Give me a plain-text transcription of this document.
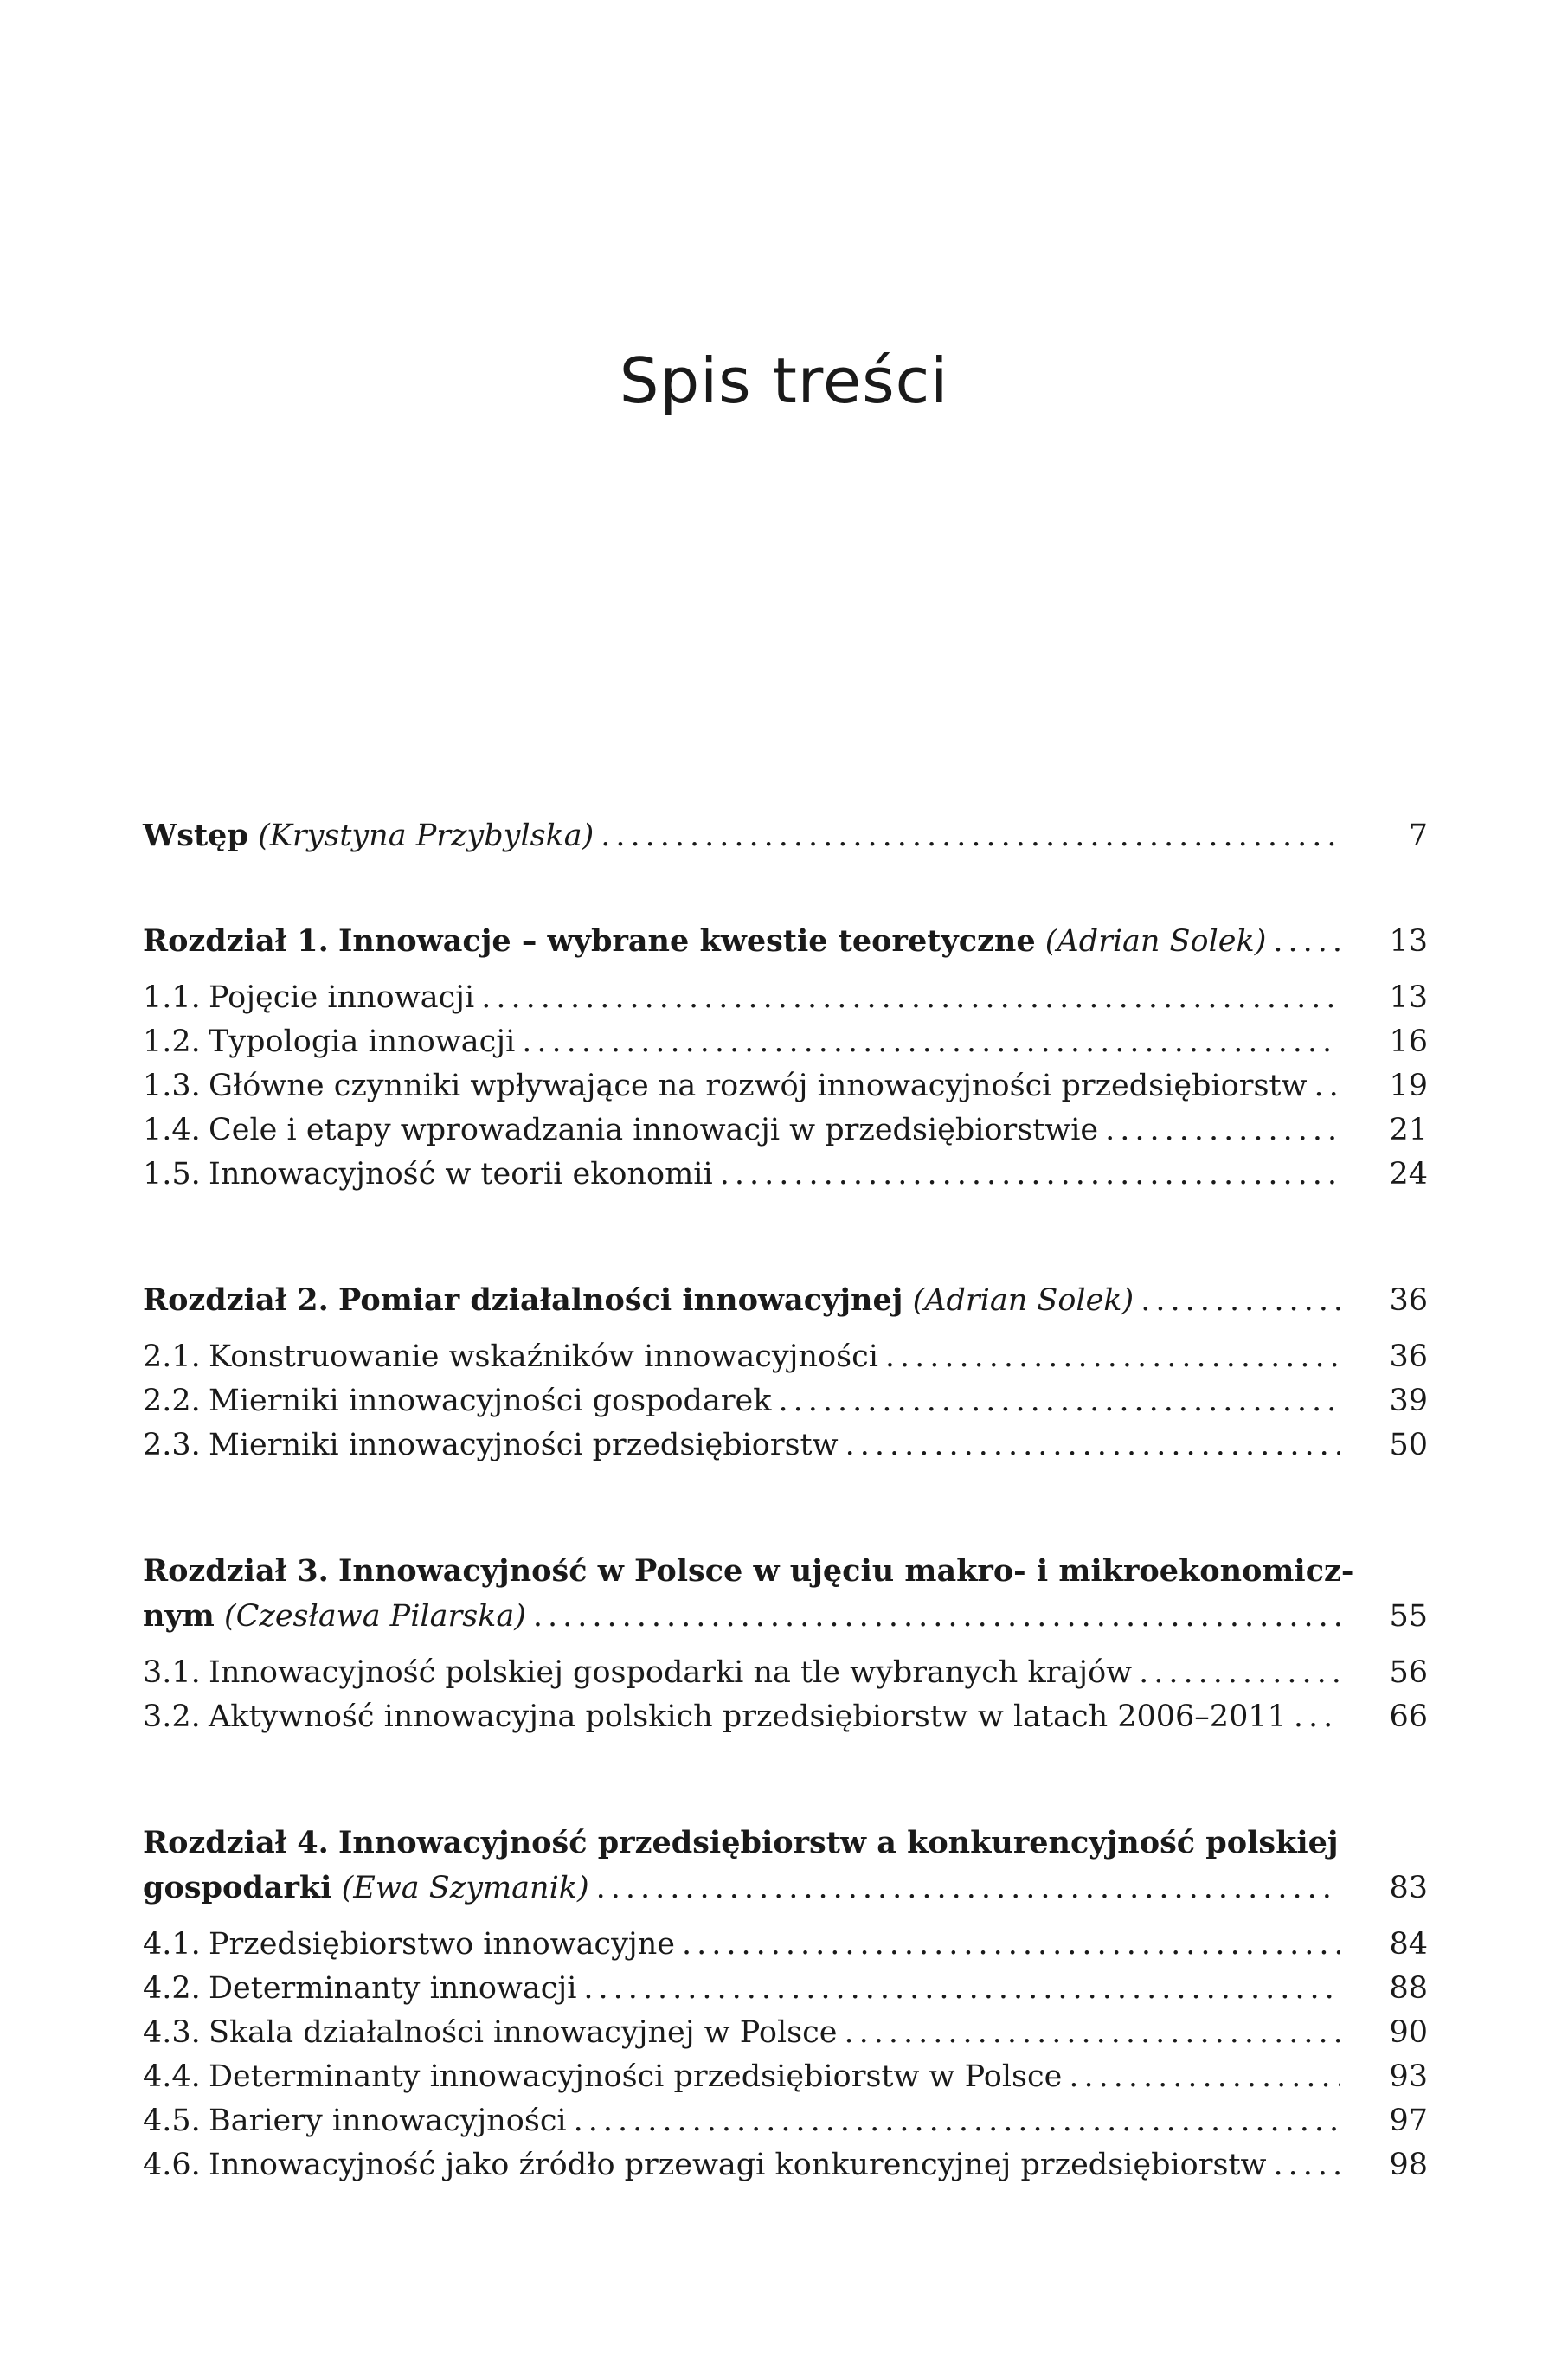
Spis treści
Wstęp
(Krystyna Przybylska) .....	7
Rozdział 1.
Innowacje – wybrane kwestie teoretyczne
(Adrian Solek) .....	13
1.1. Pojęcie innowacji .....	13
1.2. Typologia innowacji .....	16
1.3. Główne czynniki wpływające na rozwój innowacyjności przedsiębiorstw .....	19
1.4. Cele i etapy wprowadzania innowacji w przedsiębiorstwie .....	21
1.5. Innowacyjność w teorii ekonomii .....	24
Rozdział 2.
Pomiar działalności innowacyjnej
(Adrian Solek) .....	36
2.1. Konstruowanie wskaźników innowacyjności .....	36
2.2. Mierniki innowacyjności gospodarek .....	39
2.3. Mierniki innowacyjności przedsiębiorstw .....	50
Rozdział 3.
Innowacyjność w Polsce w ujęciu makro- i mikroekonomicz-
nym
(Czesława Pilarska) .....	55
3.1. Innowacyjność polskiej gospodarki na tle wybranych krajów .....	56
3.2. Aktywność innowacyjna polskich przedsiębiorstw w latach 2006–2011 .....	66
Rozdział 4.
Innowacyjność przedsiębiorstw a konkurencyjność polskiej
gospodarki
(Ewa Szymanik) .....	83
4.1. Przedsiębiorstwo innowacyjne .....	84
4.2. Determinanty innowacji .....	88
4.3. Skala działalności innowacyjnej w Polsce .....	90
4.4. Determinanty innowacyjności przedsiębiorstw w Polsce .....	93
4.5. Bariery innowacyjności .....	97
4.6. Innowacyjność jako źródło przewagi konkurencyjnej przedsiębiorstw .....	98
